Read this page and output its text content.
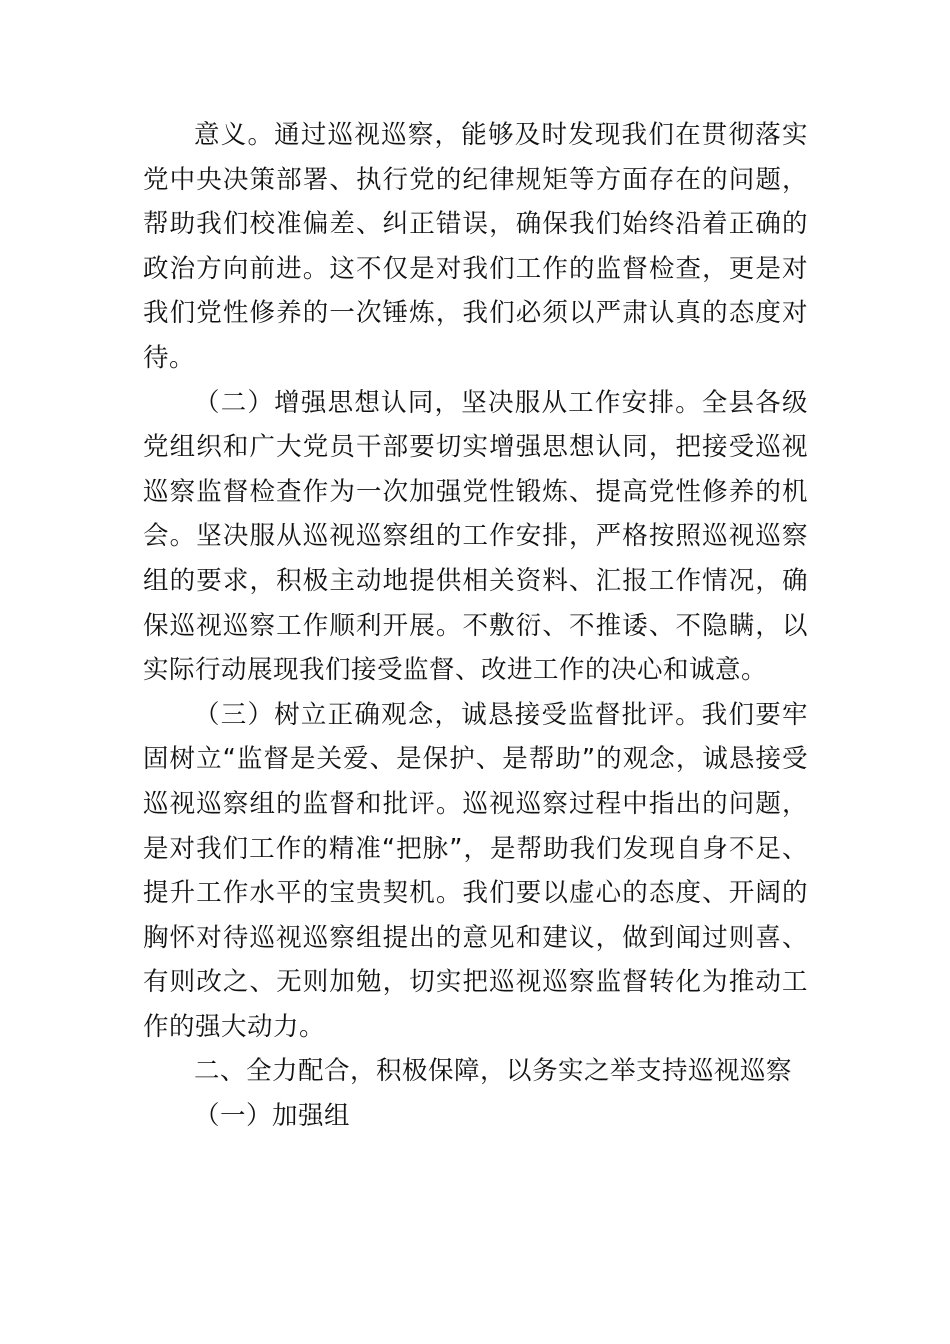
意义。通过巡视巡察，能够及时发现我们在贯彻落实党中央决策部署、执行党的纪律规矩等方面存在的问题，帮助我们校准偏差、纠正错误，确保我们始终沿着正确的政治方向前进。这不仅是对我们工作的监督检查，更是对我们党性修养的一次锤炼，我们必须以严肃认真的态度对待。

（二）增强思想认同，坚决服从工作安排。全县各级党组织和广大党员干部要切实增强思想认同，把接受巡视巡察监督检查作为一次加强党性锻炼、提高党性修养的机会。坚决服从巡视巡察组的工作安排，严格按照巡视巡察组的要求，积极主动地提供相关资料、汇报工作情况，确保巡视巡察工作顺利开展。不敷衍、不推诿、不隐瞒，以实际行动展现我们接受监督、改进工作的决心和诚意。

（三）树立正确观念，诚恳接受监督批评。我们要牢固树立“监督是关爱、是保护、是帮助”的观念，诚恳接受巡视巡察组的监督和批评。巡视巡察过程中指出的问题，是对我们工作的精准“把脉”，是帮助我们发现自身不足、提升工作水平的宝贵契机。我们要以虚心的态度、开阔的胸怀对待巡视巡察组提出的意见和建议，做到闻过则喜、有则改之、无则加勉，切实把巡视巡察监督转化为推动工作的强大动力。

二、全力配合，积极保障，以务实之举支持巡视巡察

（一）加强组
